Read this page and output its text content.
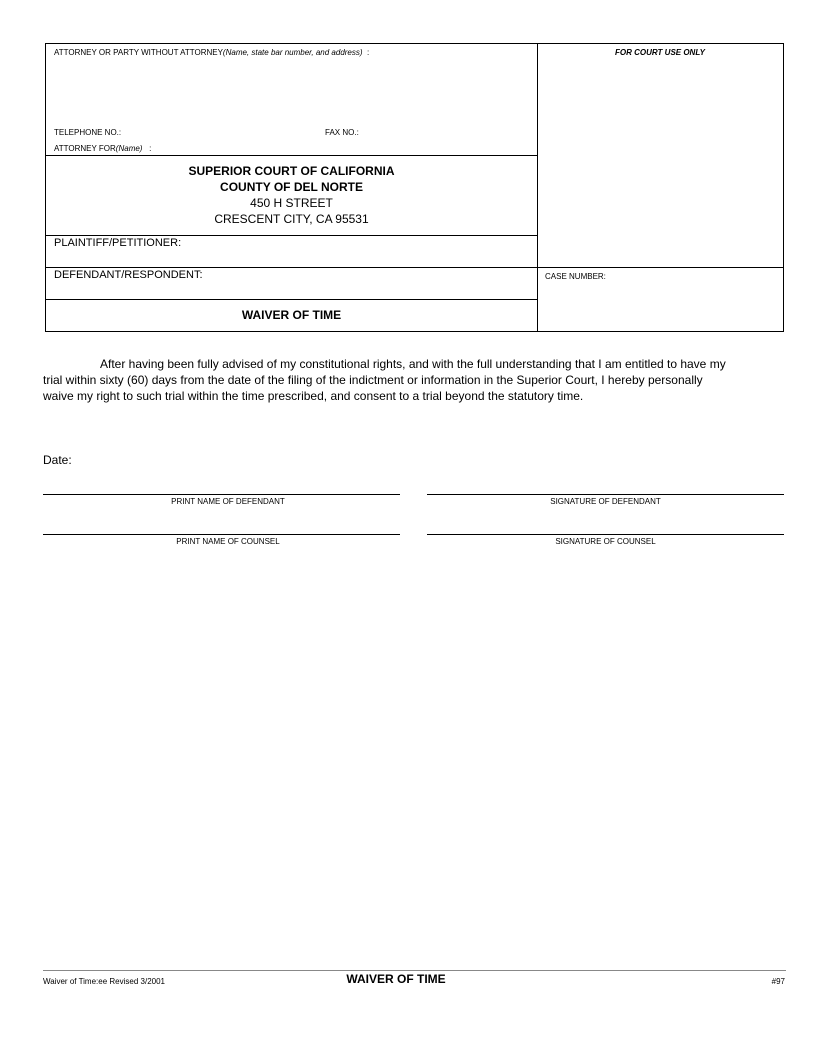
ATTORNEY OR PARTY WITHOUT ATTORNEY(Name, state bar number, and address) :	FOR COURT USE ONLY
TELEPHONE NO.:	FAX NO.:
ATTORNEY FOR(Name) :
SUPERIOR COURT OF CALIFORNIA
COUNTY OF DEL NORTE
450 H STREET
CRESCENT CITY, CA 95531
PLAINTIFF/PETITIONER:
DEFENDANT/RESPONDENT:	CASE NUMBER:
WAIVER OF TIME
After having been fully advised of my constitutional rights, and with the full understanding that I am entitled to have my
trial within sixty (60) days from the date of the filing of the indictment or information in the Superior Court, I hereby personally
waive my right to such trial within the time prescribed, and consent to a trial beyond the statutory time.
Date:
PRINT NAME OF DEFENDANT	SIGNATURE OF DEFENDANT
PRINT NAME OF COUNSEL	SIGNATURE OF COUNSEL
Waiver of Time:ee Revised 3/2001	WAIVER OF TIME	#97
